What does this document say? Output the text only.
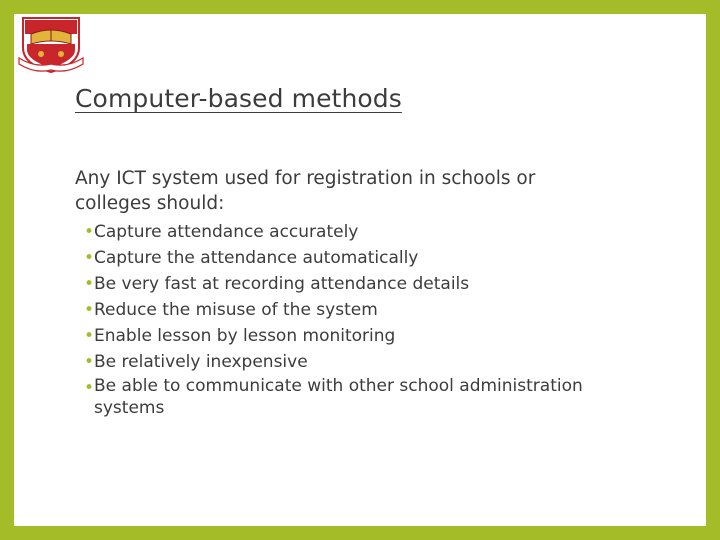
Computer-based methods
Any ICT system used for registration in schools or colleges should:
• Capture attendance accurately
• Capture the attendance automatically
• Be very fast at recording attendance details
• Reduce the misuse of the system
• Enable lesson by lesson monitoring
• Be relatively inexpensive
• Be able to communicate with other school administration systems
